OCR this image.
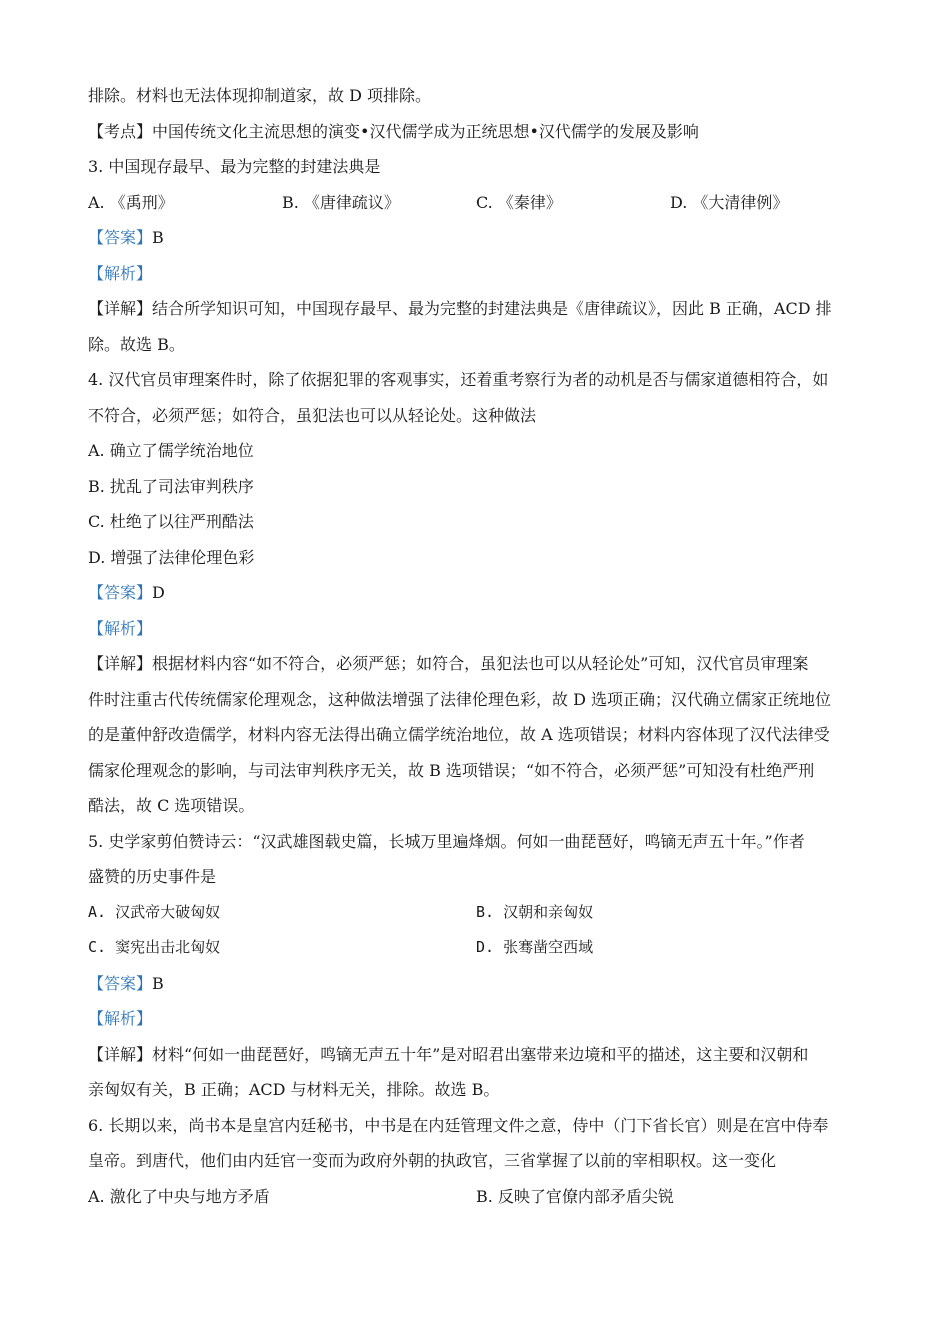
排除。材料也无法体现抑制道家，故 D 项排除。
【考点】中国传统文化主流思想的演变•汉代儒学成为正统思想•汉代儒学的发展及影响
3. 中国现存最早、最为完整的封建法典是
A. 《禹刑》	B. 《唐律疏议》	C. 《秦律》	D. 《大清律例》
【答案】B
【解析】
【详解】结合所学知识可知，中国现存最早、最为完整的封建法典是《唐律疏议》，因此 B 正确，ACD 排
除。故选 B。
4. 汉代官员审理案件时，除了依据犯罪的客观事实，还着重考察行为者的动机是否与儒家道德相符合，如
不符合，必须严惩；如符合，虽犯法也可以从轻论处。这种做法
A. 确立了儒学统治地位
B. 扰乱了司法审判秩序
C. 杜绝了以往严刑酷法
D. 增强了法律伦理色彩
【答案】D
【解析】
【详解】根据材料内容“如不符合，必须严惩；如符合，虽犯法也可以从轻论处”可知，汉代官员审理案
件时注重古代传统儒家伦理观念，这种做法增强了法律伦理色彩，故 D 选项正确；汉代确立儒家正统地位
的是董仲舒改造儒学，材料内容无法得出确立儒学统治地位，故 A 选项错误；材料内容体现了汉代法律受
儒家伦理观念的影响，与司法审判秩序无关，故 B 选项错误；“如不符合，必须严惩”可知没有杜绝严刑
酷法，故 C 选项错误。
5. 史学家剪伯赞诗云：“汉武雄图载史篇，长城万里遍烽烟。何如一曲琵琶好，鸣镝无声五十年。”作者
盛赞的历史事件是
A. 汉武帝大破匈奴	B. 汉朝和亲匈奴
C. 窦宪出击北匈奴	D. 张骞凿空西域
【答案】B
【解析】
【详解】材料“何如一曲琵琶好，鸣镝无声五十年”是对昭君出塞带来边境和平的描述，这主要和汉朝和
亲匈奴有关，B 正确；ACD 与材料无关，排除。故选 B。
6. 长期以来，尚书本是皇宫内廷秘书，中书是在内廷管理文件之意，侍中（门下省长官）则是在宫中侍奉
皇帝。到唐代，他们由内廷官一变而为政府外朝的执政官，三省掌握了以前的宰相职权。这一变化
A. 激化了中央与地方矛盾	B. 反映了官僚内部矛盾尖锐
